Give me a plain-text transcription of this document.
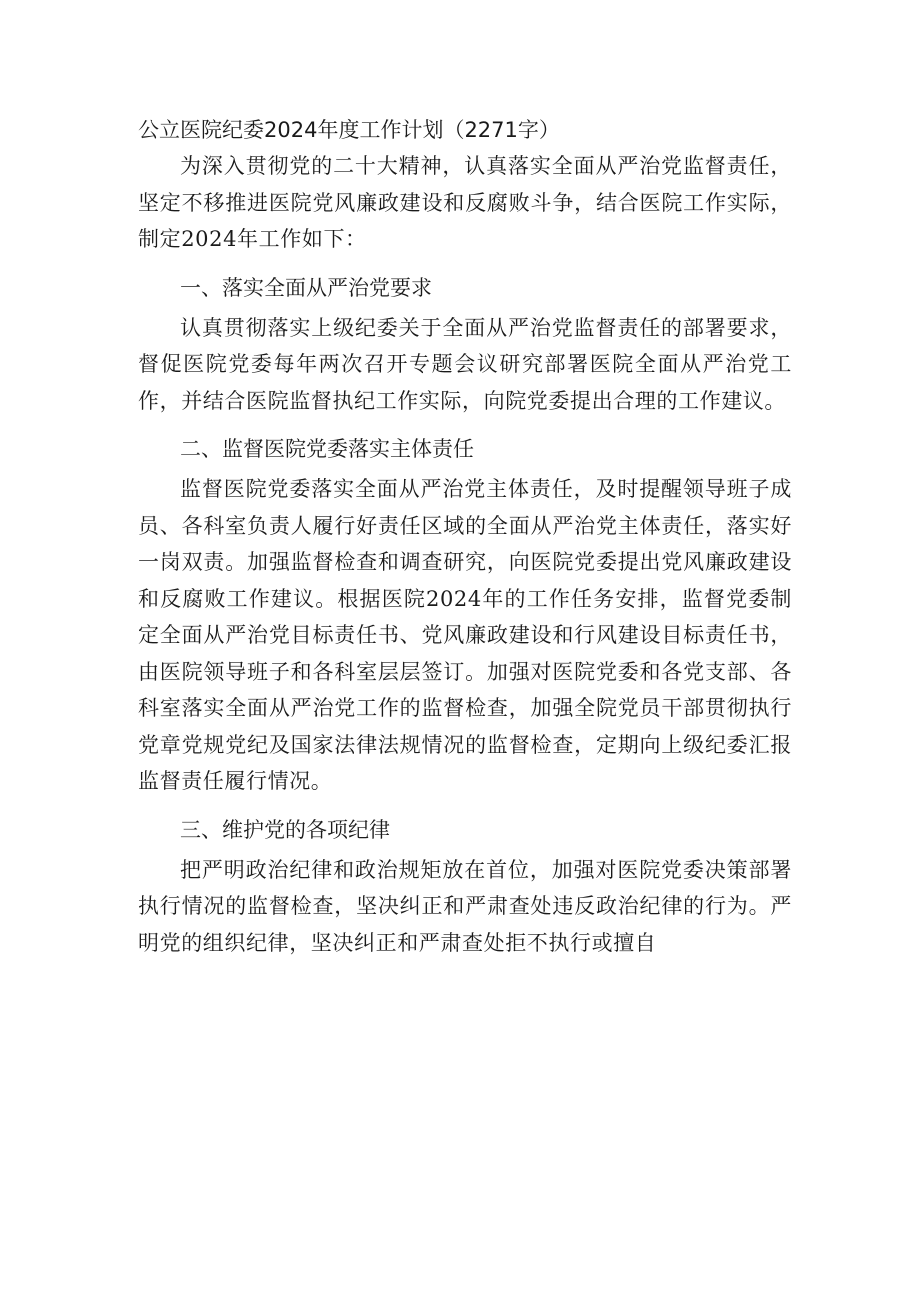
公立医院纪委2024年度工作计划（2271字）

为深入贯彻党的二十大精神，认真落实全面从严治党监督责任，坚定不移推进医院党风廉政建设和反腐败斗争，结合医院工作实际，制定2024年工作如下：

一、落实全面从严治党要求

认真贯彻落实上级纪委关于全面从严治党监督责任的部署要求，督促医院党委每年两次召开专题会议研究部署医院全面从严治党工作，并结合医院监督执纪工作实际，向院党委提出合理的工作建议。

二、监督医院党委落实主体责任

监督医院党委落实全面从严治党主体责任，及时提醒领导班子成员、各科室负责人履行好责任区域的全面从严治党主体责任，落实好一岗双责。加强监督检查和调查研究，向医院党委提出党风廉政建设和反腐败工作建议。根据医院2024年的工作任务安排，监督党委制定全面从严治党目标责任书、党风廉政建设和行风建设目标责任书，由医院领导班子和各科室层层签订。加强对医院党委和各党支部、各科室落实全面从严治党工作的监督检查，加强全院党员干部贯彻执行党章党规党纪及国家法律法规情况的监督检查，定期向上级纪委汇报监督责任履行情况。

三、维护党的各项纪律

把严明政治纪律和政治规矩放在首位，加强对医院党委决策部署执行情况的监督检查，坚决纠正和严肃查处违反政治纪律的行为。严明党的组织纪律，坚决纠正和严肃查处拒不执行或擅自
